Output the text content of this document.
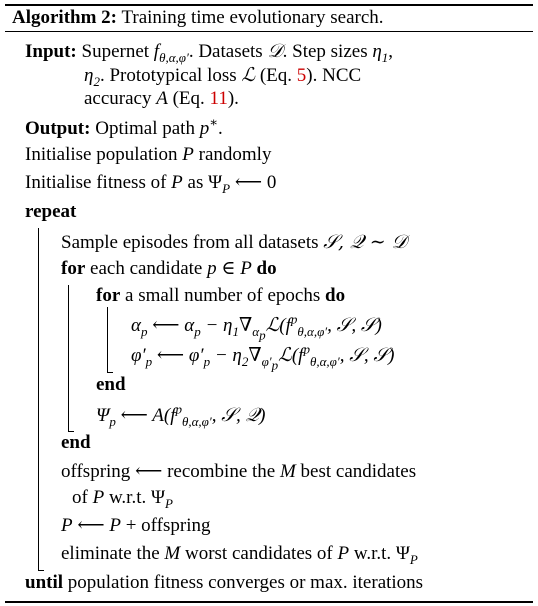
Algorithm 2: Training time evolutionary search.
Input: Supernet $f_{\theta,\alpha,\varphi'}$. Datasets 𝒟. Step sizes $\eta_1$,
$\eta_2$. Prototypical loss ℒ (Eq. 5). NCC
accuracy A (Eq. 11).
Output: Optimal path p∗.
Initialise population P randomly
Initialise fitness of P as $\Psi_P$ ⟵ 0
repeat
Sample episodes from all datasets 𝒮, 𝒬 ∼ 𝒟
for each candidate p ∈ P do
for a small number of epochs do
$\alpha_p$ ⟵ $\alpha_p$ − $\eta_1\nabla_{\alpha_p}ℒ(f^p_{\theta,\alpha,\varphi'}$, 𝒮, 𝒮)
$\varphi'_p$ ⟵ $\varphi'_p$ − $\eta_2\nabla_{\varphi'_p}ℒ(f^p_{\theta,\alpha,\varphi'}$, 𝒮, 𝒮)
end
$\Psi_p$ ⟵ $A(f^p_{\theta,\alpha,\varphi'}$, 𝒮, 𝒬)
end
offspring ⟵ recombine the M best candidates
of P w.r.t. $\Psi_P$
P ⟵ P + offspring
eliminate the M worst candidates of P w.r.t. $\Psi_P$
until population fitness converges or max. iterations
